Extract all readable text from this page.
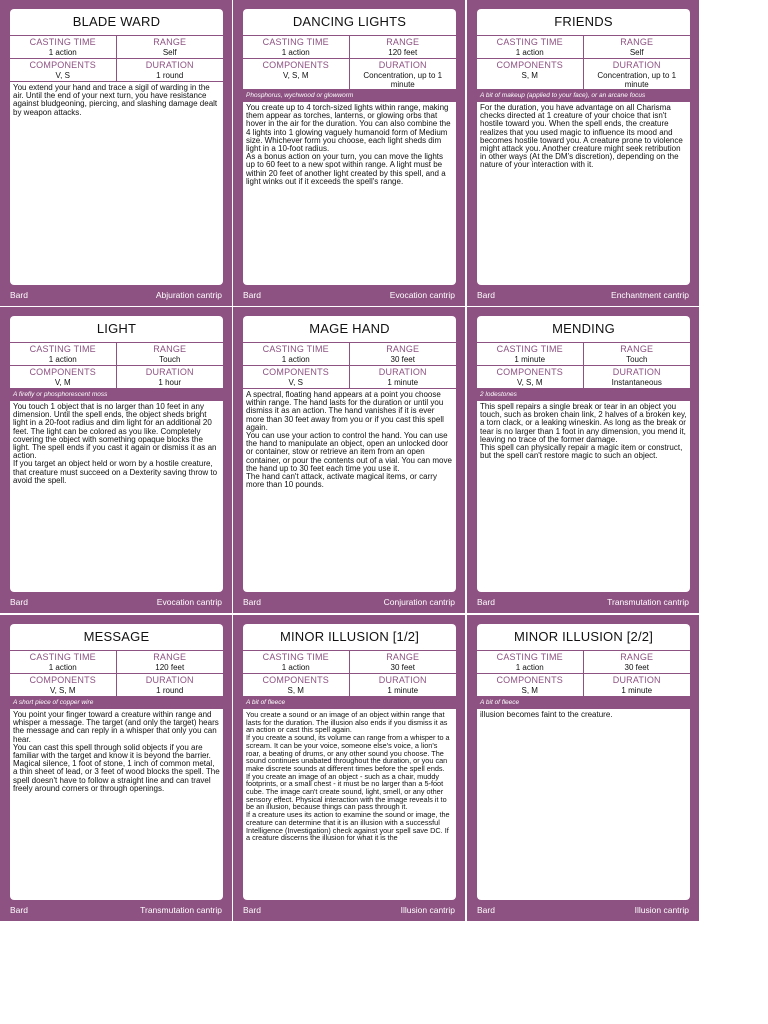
BLADE WARD
CASTING TIME
1 action
RANGE
Self
COMPONENTS
V, S
DURATION
1 round

You extend your hand and trace a sigil of warding in the air. Until the end of your next turn, you have resistance against bludgeoning, piercing, and slashing damage dealt by weapon attacks.

Bard	Abjuration cantrip
DANCING LIGHTS
CASTING TIME
1 action
RANGE
120 feet
COMPONENTS
V, S, M
DURATION
Concentration, up to 1 minute
Phosphorus, wychwood or glowworm

You create up to 4 torch-sized lights within range, making them appear as torches, lanterns, or glowing orbs that hover in the air for the duration. You can also combine the 4 lights into 1 glowing vaguely humanoid form of Medium size. Whichever form you choose, each light sheds dim light in a 10-foot radius.

As a bonus action on your turn, you can move the lights up to 60 feet to a new spot within range. A light must be within 20 feet of another light created by this spell, and a light winks out if it exceeds the spell's range.

Bard	Evocation cantrip
FRIENDS
CASTING TIME
1 action
RANGE
Self
COMPONENTS
S, M
DURATION
Concentration, up to 1 minute
A bit of makeup (applied to your face), or an arcane focus

For the duration, you have advantage on all Charisma checks directed at 1 creature of your choice that isn't hostile toward you. When the spell ends, the creature realizes that you used magic to influence its mood and becomes hostile toward you. A creature prone to violence might attack you. Another creature might seek retribution in other ways (At the DM's discretion), depending on the nature of your interaction with it.

Bard	Enchantment cantrip
LIGHT
CASTING TIME
1 action
RANGE
Touch
COMPONENTS
V, M
DURATION
1 hour
A firefly or phosphorescent moss

You touch 1 object that is no larger than 10 feet in any dimension. Until the spell ends, the object sheds bright light in a 20-foot radius and dim light for an additional 20 feet. The light can be colored as you like. Completely covering the object with something opaque blocks the light. The spell ends if you cast it again or dismiss it as an action.

If you target an object held or worn by a hostile creature, that creature must succeed on a Dexterity saving throw to avoid the spell.

Bard	Evocation cantrip
MAGE HAND
CASTING TIME
1 action
RANGE
30 feet
COMPONENTS
V, S
DURATION
1 minute

A spectral, floating hand appears at a point you choose within range. The hand lasts for the duration or until you dismiss it as an action. The hand vanishes if it is ever more than 30 feet away from you or if you cast this spell again.

You can use your action to control the hand. You can use the hand to manipulate an object, open an unlocked door or container, stow or retrieve an item from an open container, or pour the contents out of a vial. You can move the hand up to 30 feet each time you use it.

The hand can't attack, activate magical items, or carry more than 10 pounds.

Bard	Conjuration cantrip
MENDING
CASTING TIME
1 minute
RANGE
Touch
COMPONENTS
V, S, M
DURATION
Instantaneous
2 lodestones

This spell repairs a single break or tear in an object you touch, such as broken chain link, 2 halves of a broken key, a torn clack, or a leaking wineskin. As long as the break or tear is no larger than 1 foot in any dimension, you mend it, leaving no trace of the former damage.

This spell can physically repair a magic item or construct, but the spell can't restore magic to such an object.

Bard	Transmutation cantrip
MESSAGE
CASTING TIME
1 action
RANGE
120 feet
COMPONENTS
V, S, M
DURATION
1 round
A short piece of copper wire

You point your finger toward a creature within range and whisper a message. The target (and only the target) hears the message and can reply in a whisper that only you can hear.

You can cast this spell through solid objects if you are familiar with the target and know it is beyond the barrier. Magical silence, 1 foot of stone, 1 inch of common metal, a thin sheet of lead, or 3 feet of wood blocks the spell. The spell doesn't have to follow a straight line and can travel freely around corners or through openings.

Bard	Transmutation cantrip
MINOR ILLUSION [1/2]
CASTING TIME
1 action
RANGE
30 feet
COMPONENTS
S, M
DURATION
1 minute
A bit of fleece

You create a sound or an image of an object within range that lasts for the duration. The illusion also ends if you dismiss it as an action or cast this spell again.

If you create a sound, its volume can range from a whisper to a scream. It can be your voice, someone else's voice, a lion's roar, a beating of drums, or any other sound you choose. The sound continues unabated throughout the duration, or you can make discrete sounds at different times before the spell ends.

If you create an image of an object - such as a chair, muddy footprints, or a small chest - it must be no larger than a 5-foot cube. The image can't create sound, light, smell, or any other sensory effect. Physical interaction with the image reveals it to be an illusion, because things can pass through it.

If a creature uses its action to examine the sound or image, the creature can determine that it is an illusion with a successful Intelligence (Investigation) check against your spell save DC. If a creature discerns the illusion for what it is the

Bard	Illusion cantrip
MINOR ILLUSION [2/2]
CASTING TIME
1 action
RANGE
30 feet
COMPONENTS
S, M
DURATION
1 minute
A bit of fleece

illusion becomes faint to the creature.

Bard	Illusion cantrip
